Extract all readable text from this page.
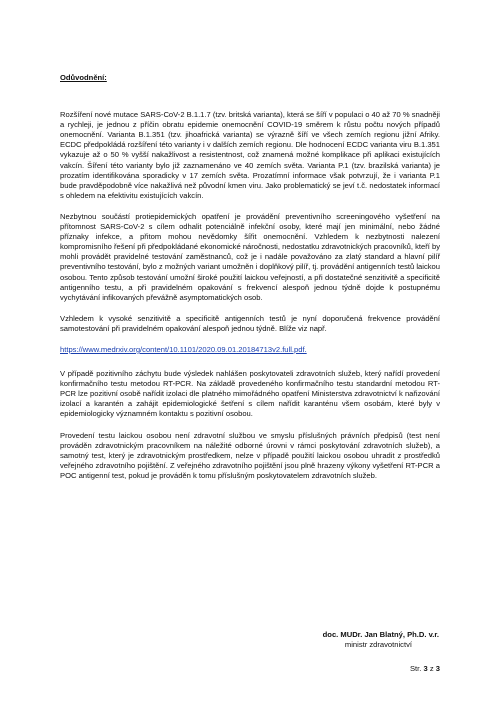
Odůvodnění:

Rozšíření nové mutace SARS-CoV-2 B.1.1.7 (tzv. britská varianta), která se šíří v populaci o 40 až 70 % snadněji a rychleji, je jednou z příčin obratu epidemie onemocnění COVID-19 směrem k růstu počtu nových případů onemocnění. Varianta B.1.351 (tzv. jihoafrická varianta) se výrazně šíří ve všech zemích regionu jižní Afriky. ECDC předpokládá rozšíření této varianty i v dalších zemích regionu. Dle hodnocení ECDC varianta viru B.1.351 vykazuje až o 50 % vyšší nakažlivost a resistentnost, což znamená možné komplikace při aplikaci existujících vakcín. Šíření této varianty bylo již zaznamenáno ve 40 zemích světa. Varianta P.1 (tzv. brazilská varianta) je prozatím identifikována sporadicky v 17 zemích světa. Prozatímní informace však potvrzují, že i varianta P.1 bude pravděpodobně více nakažlivá než původní kmen viru. Jako problematický se jeví t.č. nedostatek informací s ohledem na efektivitu existujících vakcín.

Nezbytnou součástí protiepidemických opatření je provádění preventivního screeningového vyšetření na přítomnost SARS-CoV-2 s cílem odhalit potenciálně infekční osoby, které mají jen minimální, nebo žádné příznaky infekce, a přitom mohou nevědomky šířit onemocnění. Vzhledem k nezbytnosti nalezení kompromisního řešení při předpokládané ekonomické náročnosti, nedostatku zdravotnických pracovníků, kteří by mohli provádět pravidelné testování zaměstnanců, což je i nadále považováno za zlatý standard a hlavní pilíř preventivního testování, bylo z možných variant umožněn i doplňkový pilíř, tj. provádění antigenních testů laickou osobou. Tento způsob testování umožní široké použití laickou veřejností, a při dostatečné senzitivitě a specificitě antigenního testu, a při pravidelném opakování s frekvencí alespoň jednou týdně dojde k postupnému vychytávání infikovaných převážně asymptomatických osob.

Vzhledem k vysoké senzitivitě a specificitě antigenních testů je nyní doporučená frekvence provádění samotestování při pravidelném opakování alespoň jednou týdně. Blíže viz např.

https://www.medrxiv.org/content/10.1101/2020.09.01.20184713v2.full.pdf.

V případě pozitivního záchytu bude výsledek nahlášen poskytovateli zdravotních služeb, který nařídí provedení konfirmačního testu metodou RT-PCR. Na základě provedeného konfirmačního testu standardní metodou RT-PCR lze pozitivní osobě nařídit izolaci dle platného mimořádného opatření Ministerstva zdravotnictví k nařizování izolací a karantén a zahájit epidemiologické šetření s cílem nařídit karanténu všem osobám, které byly v epidemiologicky významném kontaktu s pozitivní osobou.

Provedení testu laickou osobou není zdravotní službou ve smyslu příslušných právních předpisů (test není prováděn zdravotnickým pracovníkem na náležité odborné úrovni v rámci poskytování zdravotních služeb), a samotný test, který je zdravotnickým prostředkem, nelze v případě použití laickou osobou uhradit z prostředků veřejného zdravotního pojištění. Z veřejného zdravotního pojištění jsou plně hrazeny výkony vyšetření RT-PCR a POC antigenní test, pokud je prováděn k tomu příslušným poskytovatelem zdravotních služeb.

doc. MUDr. Jan Blatný, Ph.D. v.r.
ministr zdravotnictví
Str. 3 z 3
